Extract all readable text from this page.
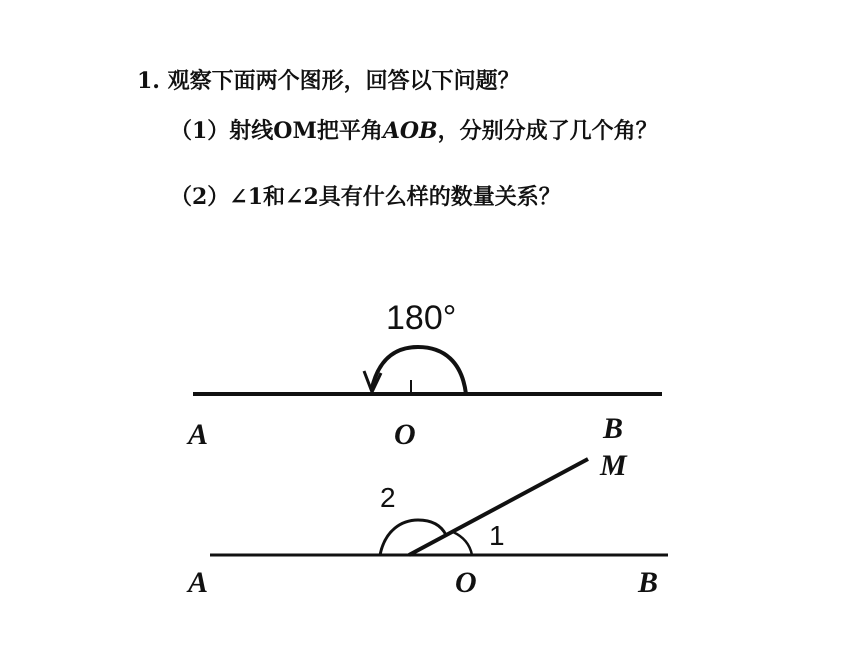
1. 观察下面两个图形，回答以下问题？
（1）射线OM把平角AOB，分别分成了几个角？
（2）∠1和∠2具有什么样的数量关系？
180°
A	O	B
2
1
M
A	O	B
